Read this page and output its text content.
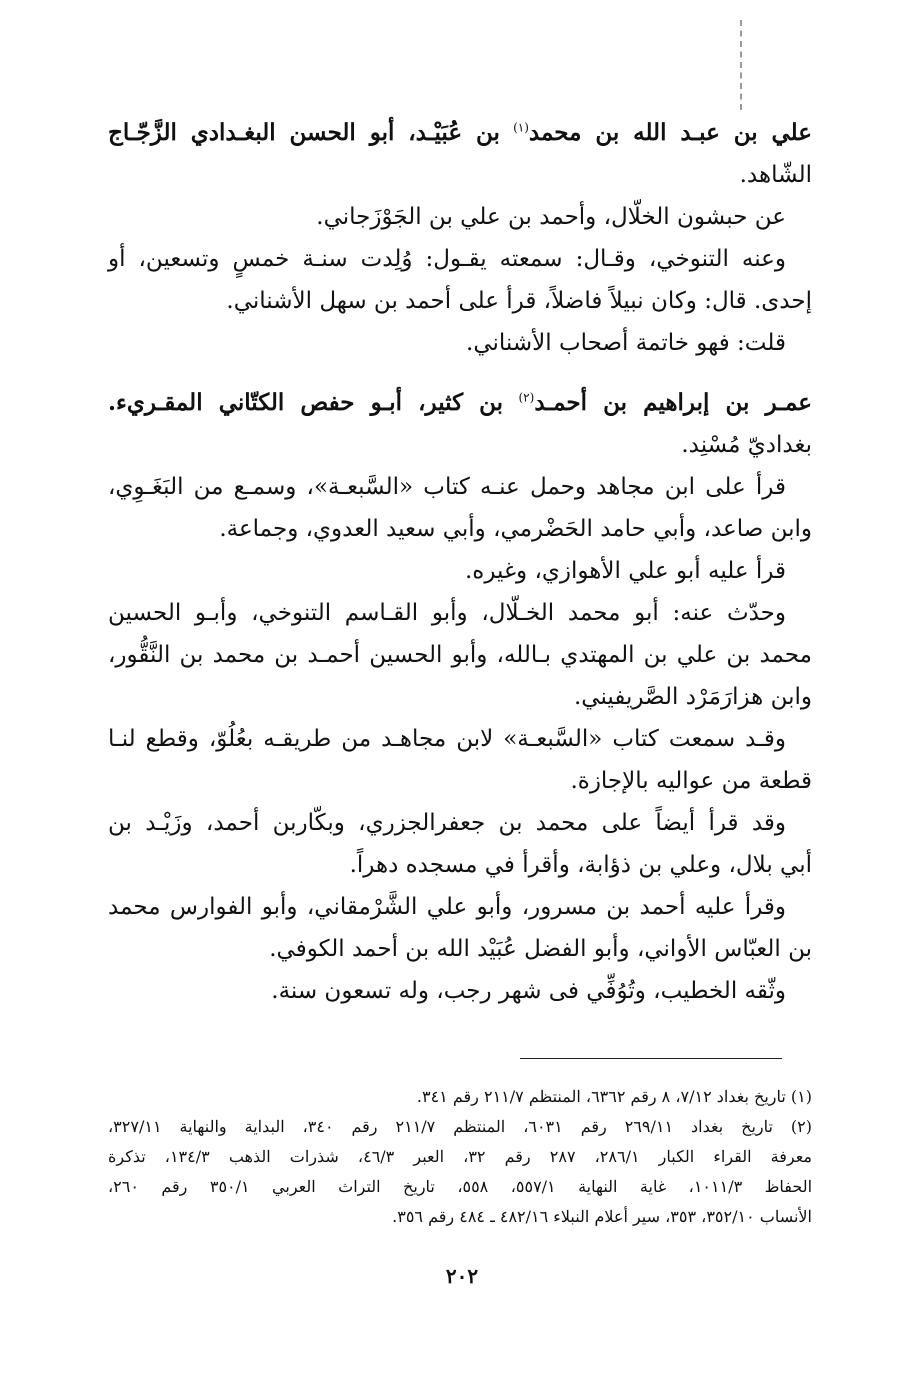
علي بن عبـد الله بن محمد$^{(١)}$ بن عُبَيْـد، أبو الحسن البغـدادي الزَّجّـاج

الشّاهد.

عن حبشون الخلّال، وأحمد بن علي بن الجَوْزَجاني.

وعنه التنوخي، وقـال: سمعته يقـول: وُلِدت سنـة خمسٍ وتسعين، أو

إحدى. قال: وكان نبيلاً فاضلاً، قرأ على أحمد بن سهل الأشناني.

قلت: فهو خاتمة أصحاب الأشناني.

عمـر بن إبراهيم بن أحمـد$^{(٢)}$ بن كثير، أبـو حفص الكتّاني المقـريء.

بغداديّ مُسْنِد.

قرأ على ابن مجاهد وحمل عنـه كتاب «السَّبعـة»، وسمـع من البَغَـوِي،

وابن صاعد، وأبي حامد الحَضْرمي، وأبي سعيد العدوي، وجماعة.

قرأ عليه أبو علي الأهوازي، وغيره.

وحدّث عنه: أبو محمد الخـلّال، وأبو القـاسم التنوخي، وأبـو الحسين

محمد بن علي بن المهتدي بـالله، وأبو الحسين أحمـد بن محمد بن النَّقُّور،

وابن هزارَمَرْد الصَّريفيني.

وقـد سمعت كتاب «السَّبعـة» لابن مجاهـد من طريقـه بعُلُوّ، وقطع لنـا

قطعة من عواليه بالإجازة.

وقد قرأ أيضاً على محمد بن جعفرالجزري، وبكّاربن أحمد، وزَيْـد بن

أبي بلال، وعلي بن ذؤابة، وأقرأ في مسجده دهراً.

وقرأ عليه أحمد بن مسرور، وأبو علي الشَّرْمقاني، وأبو الفوارس محمد

بن العبّاس الأواني، وأبو الفضل عُبَيْد الله بن أحمد الكوفي.

وثّقه الخطيب، وتُوُفِّي فى شهر رجب، وله تسعون سنة.

(١) تاريخ بغداد ٧/١٢، ٨ رقم ٦٣٦٢، المنتظم ٢١١/٧ رقم ٣٤١.

(٢) تاريخ بغداد ٢٦٩/١١ رقم ٦٠٣١، المنتظم ٢١١/٧ رقم ٣٤٠، البداية والنهاية ٣٢٧/١١،

معرفة القراء الكبار ٢٨٦/١، ٢٨٧ رقم ٣٢، العبر ٤٦/٣، شذرات الذهب ١٣٤/٣، تذكرة

الحفاظ ١٠١١/٣، غاية النهاية ٥٥٧/١، ٥٥٨، تاريخ التراث العربي ٣٥٠/١ رقم ٢٦٠،

الأنساب ٣٥٢/١٠، ٣٥٣، سير أعلام النبلاء ٤٨٢/١٦ ـ ٤٨٤ رقم ٣٥٦.

٢٠٢
